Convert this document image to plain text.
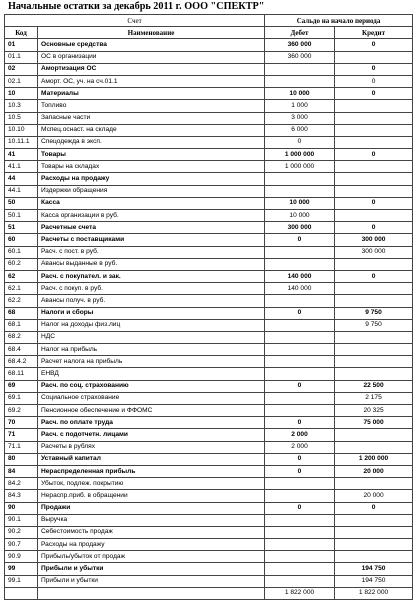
Начальные остатки за декабрь 2011 г. ООО "СПЕКТР"
Счет		Сальдо на начало периода	
Код	Наименование	Дебет	Кредит
01	Основные средства	360 000	0
01.1	ОС в организации	360 000	
02	Амортизация ОС		0
02.1	Аморт. ОС, уч. на сч.01.1		0
10	Материалы	10 000	0
10.3	Топливо	1 000	
10.5	Запасные части	3 000	
10.10	Мспец.оснаст. на складе	6 000	
10.11.1	Спецодежда в эксп.	0	
41	Товары	1 000 000	0
41.1	Товары на складах	1 000 000	
44	Расходы на продажу		
44.1	Издержки обращения		
50	Касса	10 000	0
50.1	Касса организации в руб.	10 000	
51	Расчетные счета	300 000	0
60	Расчеты с поставщиками	0	300 000
60.1	Расч. с пост. в руб.		300 000
60.2	Авансы выданные в руб.		
62	Расч. с покупател. и зак.	140 000	0
62.1	Расч. с покуп. в руб.	140 000	
62.2	Авансы получ. в руб.		
68	Налоги и сборы	0	9 750
68.1	Налог на доходы физ.лиц		9 750
68.2	НДС		
68.4	Налог на прибыль		
68.4.2	Расчет налога на прибыль		
68.11	ЕНВД		
69	Расч. по соц. страхованию	0	22 500
69.1	Социальное страхование		2 175
69.2	Пенсионное обеспечение и ФФОМС		20 325
70	Расч. по оплате труда	0	75 000
71	Расч. с подотчетн. лицами	2 000	
71.1	Расчеты в рублях	2 000	
80	Уставный капитал	0	1 200 000
84	Нераспределенная прибыль	0	20 000
84.2	Убыток, подлеж. покрытию		
84.3	Нераспр.приб. в обращении		20 000
90	Продажи	0	0
90.1	Выручка		
90.2	Себестоимость продаж		
90.7	Расходы на продажу		
90.9	Прибыль/убыток от продаж		
99	Прибыли и убытки		194 750
99.1	Прибыли и убытки		194 750
		1 822 000	1 822 000
